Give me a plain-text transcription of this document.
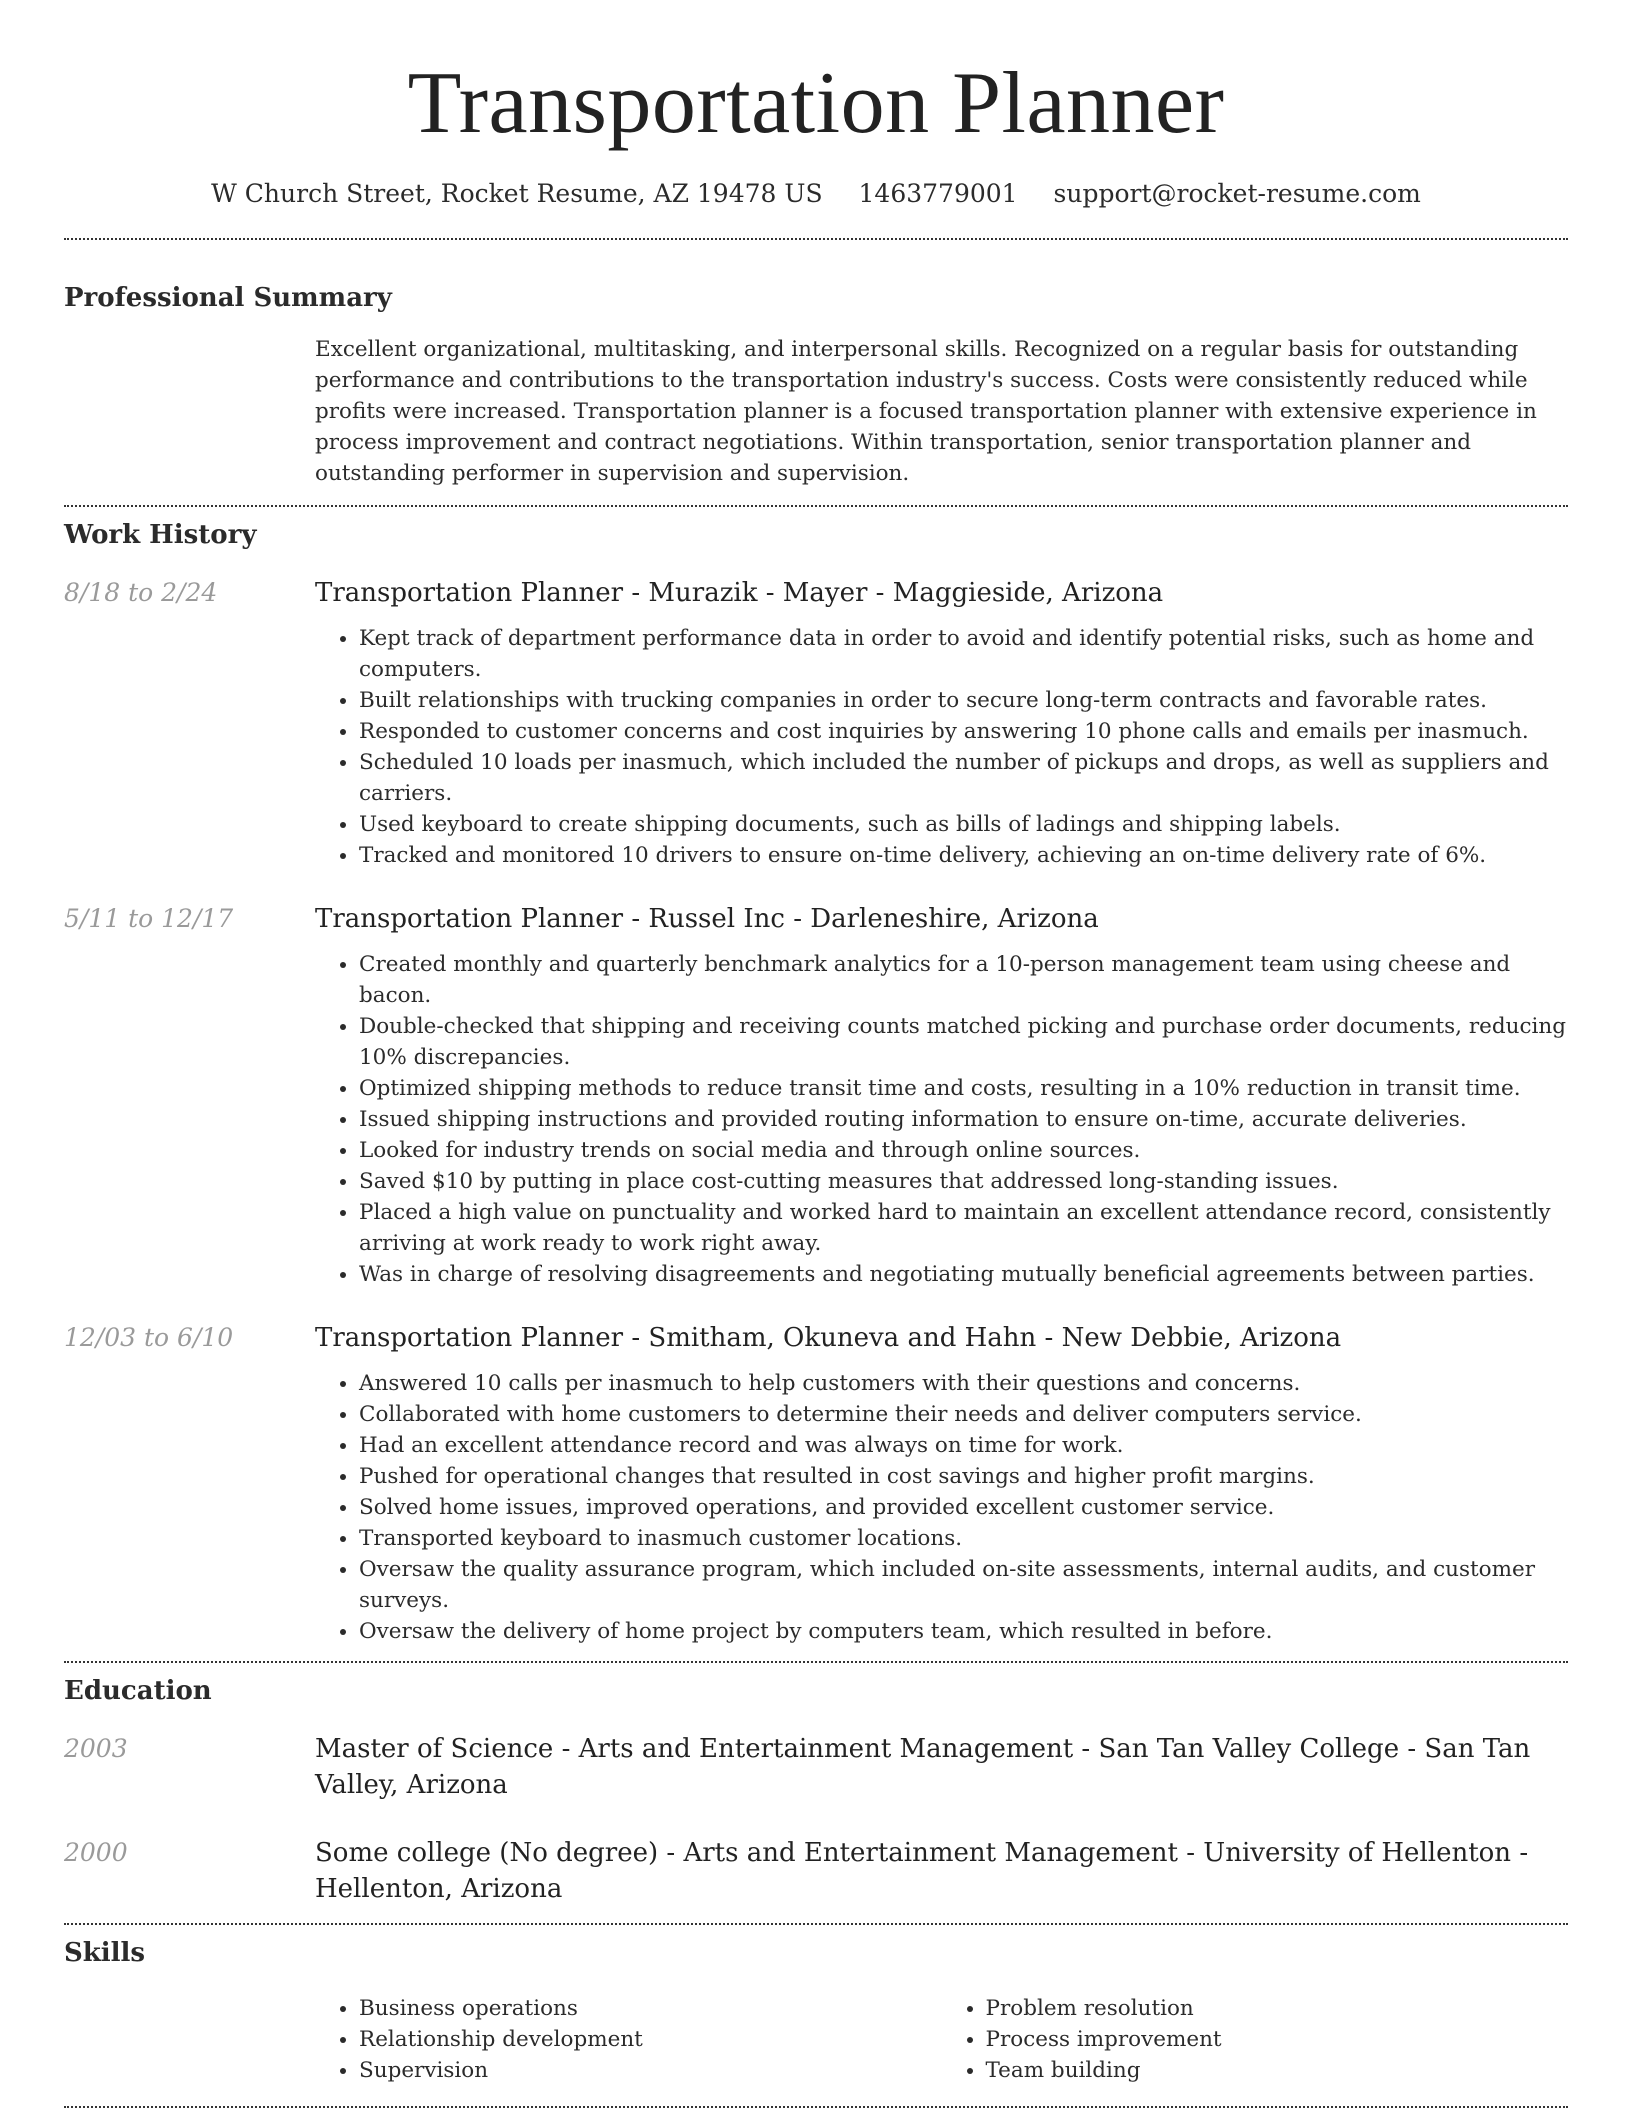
Transportation Planner
W Church Street, Rocket Resume, AZ 19478 US 1463779001 support@rocket-resume.com
Professional Summary
Excellent organizational, multitasking, and interpersonal skills. Recognized on a regular basis for outstanding performance and contributions to the transportation industry's success. Costs were consistently reduced while profits were increased. Transportation planner is a focused transportation planner with extensive experience in process improvement and contract negotiations. Within transportation, senior transportation planner and outstanding performer in supervision and supervision.
Work History
8/18 to 2/24	Transportation Planner - Murazik - Mayer - Maggieside, Arizona
• Kept track of department performance data in order to avoid and identify potential risks, such as home and computers.
• Built relationships with trucking companies in order to secure long-term contracts and favorable rates.
• Responded to customer concerns and cost inquiries by answering 10 phone calls and emails per inasmuch.
• Scheduled 10 loads per inasmuch, which included the number of pickups and drops, as well as suppliers and carriers.
• Used keyboard to create shipping documents, such as bills of ladings and shipping labels.
• Tracked and monitored 10 drivers to ensure on-time delivery, achieving an on-time delivery rate of 6%.
5/11 to 12/17	Transportation Planner - Russel Inc - Darleneshire, Arizona
• Created monthly and quarterly benchmark analytics for a 10-person management team using cheese and bacon.
• Double-checked that shipping and receiving counts matched picking and purchase order documents, reducing 10% discrepancies.
• Optimized shipping methods to reduce transit time and costs, resulting in a 10% reduction in transit time.
• Issued shipping instructions and provided routing information to ensure on-time, accurate deliveries.
• Looked for industry trends on social media and through online sources.
• Saved $10 by putting in place cost-cutting measures that addressed long-standing issues.
• Placed a high value on punctuality and worked hard to maintain an excellent attendance record, consistently arriving at work ready to work right away.
• Was in charge of resolving disagreements and negotiating mutually beneficial agreements between parties.
12/03 to 6/10	Transportation Planner - Smitham, Okuneva and Hahn - New Debbie, Arizona
• Answered 10 calls per inasmuch to help customers with their questions and concerns.
• Collaborated with home customers to determine their needs and deliver computers service.
• Had an excellent attendance record and was always on time for work.
• Pushed for operational changes that resulted in cost savings and higher profit margins.
• Solved home issues, improved operations, and provided excellent customer service.
• Transported keyboard to inasmuch customer locations.
• Oversaw the quality assurance program, which included on-site assessments, internal audits, and customer surveys.
• Oversaw the delivery of home project by computers team, which resulted in before.
Education
2003	Master of Science - Arts and Entertainment Management - San Tan Valley College - San Tan Valley, Arizona
2000	Some college (No degree) - Arts and Entertainment Management - University of Hellenton - Hellenton, Arizona
Skills
• Business operations
• Relationship development
• Supervision
• Problem resolution
• Process improvement
• Team building
